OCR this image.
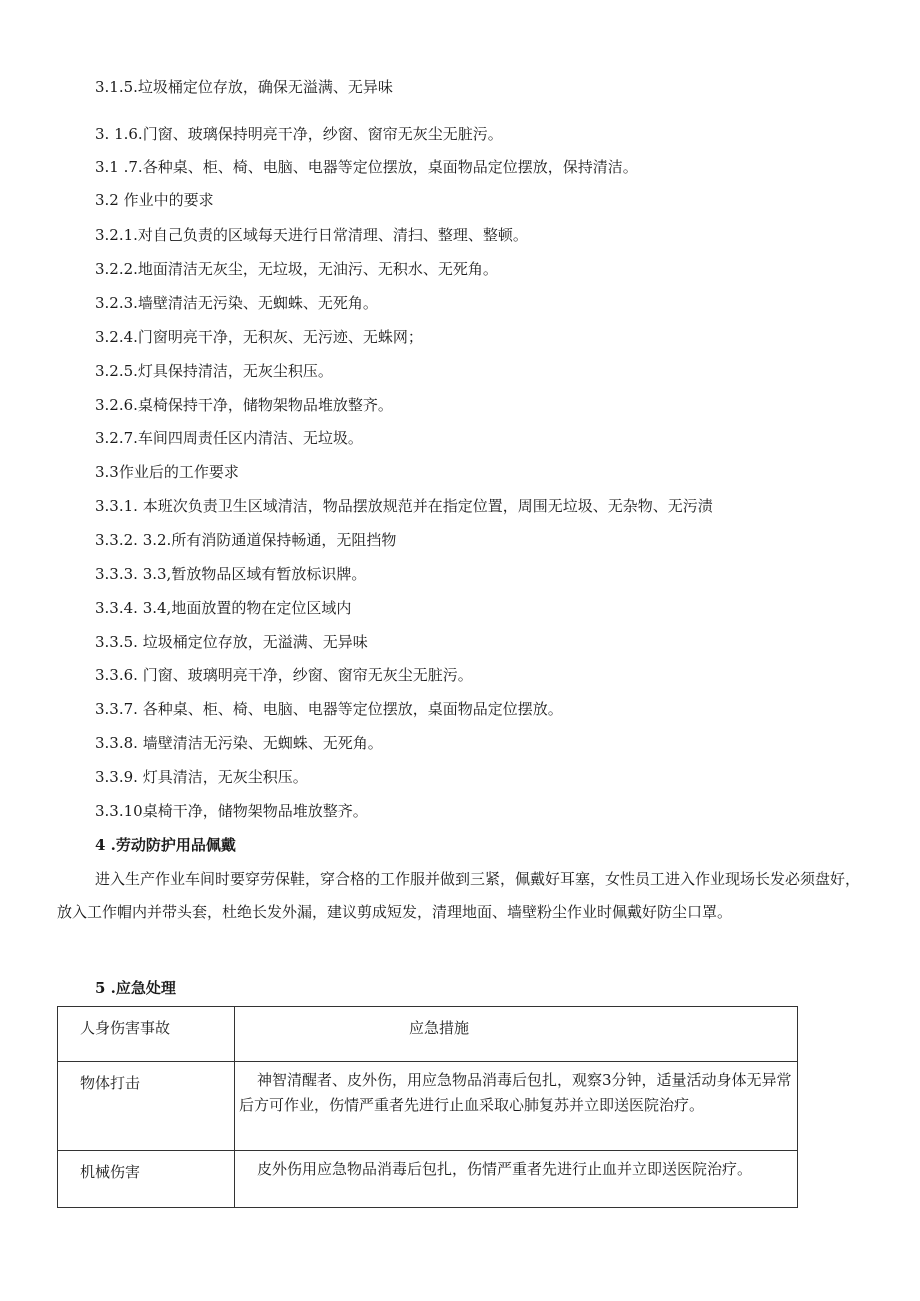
3.1.5.垃圾桶定位存放，确保无溢满、无异味
3. 1.6.门窗、玻璃保持明亮干净，纱窗、窗帘无灰尘无脏污。
3.1 .7.各种桌、柜、椅、电脑、电器等定位摆放，桌面物品定位摆放，保持清洁。
3.2 作业中的要求
3.2.1.对自己负责的区域每天进行日常清理、清扫、整理、整顿。
3.2.2.地面清洁无灰尘，无垃圾，无油污、无积水、无死角。
3.2.3.墙壁清洁无污染、无蜘蛛、无死角。
3.2.4.门窗明亮干净，无积灰、无污迹、无蛛网；
3.2.5.灯具保持清洁，无灰尘积压。
3.2.6.桌椅保持干净，储物架物品堆放整齐。
3.2.7.车间四周责任区内清洁、无垃圾。
3.3作业后的工作要求
3.3.1. 本班次负责卫生区域清洁，物品摆放规范并在指定位置，周围无垃圾、无杂物、无污渍
3.3.2. 3.2.所有消防通道保持畅通，无阻挡物
3.3.3. 3.3,暂放物品区域有暂放标识牌。
3.3.4. 3.4,地面放置的物在定位区域内
3.3.5. 垃圾桶定位存放，无溢满、无异味
3.3.6. 门窗、玻璃明亮干净，纱窗、窗帘无灰尘无脏污。
3.3.7. 各种桌、柜、椅、电脑、电器等定位摆放，桌面物品定位摆放。
3.3.8. 墙壁清洁无污染、无蜘蛛、无死角。
3.3.9. 灯具清洁，无灰尘积压。
3.3.10桌椅干净，储物架物品堆放整齐。
4 .劳动防护用品佩戴
进入生产作业车间时要穿劳保鞋，穿合格的工作服并做到三紧，佩戴好耳塞，女性员工进入作业现场长发必须盘好，放入工作帽内并带头套，杜绝长发外漏，建议剪成短发，清理地面、墙壁粉尘作业时佩戴好防尘口罩。
5 .应急处理
人身伤害事故	应急措施

物体打击	神智清醒者、皮外伤，用应急物品消毒后包扎，观察3分钟，适量活动身体无异常后方可作业，伤情严重者先进行止血采取心肺复苏并立即送医院治疗。

机械伤害	皮外伤用应急物品消毒后包扎，伤情严重者先进行止血并立即送医院治疗。
